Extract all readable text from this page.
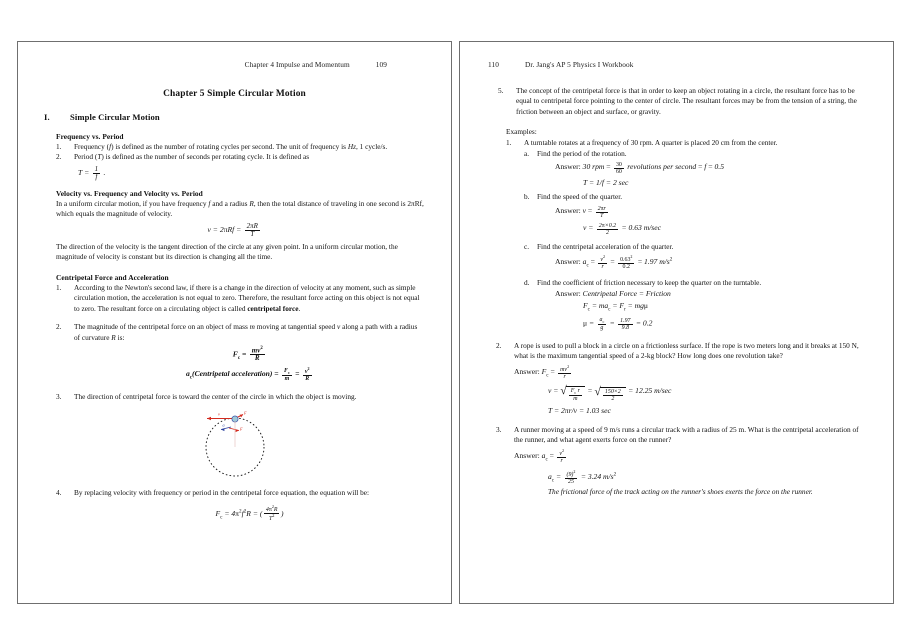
Chapter 4 Impulse and Momentum	109
Chapter 5 Simple Circular Motion
I. Simple Circular Motion
Frequency vs. Period
1.	Frequency (f) is defined as the number of rotating cycles per second. The unit of frequency is Hz, 1 cycle/s.
2.	Period (T) is defined as the number of seconds per rotating cycle. It is defined as
$T = \frac{1}{f}$ .
Velocity vs. Frequency and Velocity vs. Period
In a uniform circular motion, if you have frequency f and a radius R, then the total distance of traveling in one second is 2πRf, which equals the magnitude of velocity.
$v = 2\pi Rf = \frac{2\pi R}{T}$
The direction of the velocity is the tangent direction of the circle at any given point. In a uniform circular motion, the magnitude of velocity is constant but its direction is changing all the time.
Centripetal Force and Acceleration
1.	According to the Newton's second law, if there is a change in the direction of velocity at any moment, such as simple circulation motion, the acceleration is not equal to zero. Therefore, the resultant force acting on this object is not equal to zero. The resultant force on a circulating object is called centripetal force.
2.	The magnitude of the centripetal force on an object of mass m moving at tangential speed v along a path with a radius of curvature R is:
$F_c = \frac{mv^2}{R}$
$a_c(Centripetal$ acceleration) = $\frac{F_c}{m} = \frac{v^2}{R}$
3.	The direction of centripetal force is toward the center of the circle in which the object is moving.
v	F
a
F
4.	By replacing velocity with frequency or period in the centripetal force equation, the equation will be:
$F_c = 4\pi^2f^2R$ = ( $\frac{4\pi^2R}{T^2}$ )
110	Dr. Jang's AP 5 Physics I Workbook
5.	The concept of the centripetal force is that in order to keep an object rotating in a circle, the resultant force has to be equal to centripetal force pointing to the center of circle. The resultant forces may be from the tension of a string, the friction between an object and surface, or gravity.
Examples:
1.	A turntable rotates at a frequency of 30 rpm. A quarter is placed 20 cm from the center.
a.	Find the period of the rotation.
Answer: 30 rpm = $\frac{30}{60}$ revolutions per second = f = 0.5
T = 1/f = 2 sec
b.	Find the speed of the quarter.
Answer: $v = \frac{2\pi r}{T}$
$v = \frac{2\pi\times 0.2}{2} = 0.63$ m/sec
c.	Find the centripetal acceleration of the quarter.
Answer: $a_c = \frac{v^2}{r} = \frac{0.63^2}{0.2} = 1.97$ $m/s^2$
d.	Find the coefficient of friction necessary to keep the quarter on the turntable.
Answer: Centripetal Force = Friction
$F_c = ma_c = F_r = mg\mu$
$\mu = \frac{a_c}{g} = \frac{1.97}{9.8} = 0.2$
2.	A rope is used to pull a block in a circle on a frictionless surface. If the rope is two meters long and it breaks at 150 N, what is the maximum tangential speed of a 2-kg block? How long does one revolution take?
Answer: $F_c = \frac{mv^2}{r}$
v = √ $\frac{F_c r}{m}$ = √ $\frac{150\times 2}{2} = 12.25$ m/sec
T = 2πr/v = 1.03 sec
3.	A runner moving at a speed of 9 m/s runs a circular track with a radius of 25 m. What is the centripetal acceleration of the runner, and what agent exerts force on the runner?
Answer: $a_c = \frac{v^2}{r}$
$a_c = \frac{(9)^2}{25} = 3.24$ $m/s^2$
The frictional force of the track acting on the runner's shoes exerts the force on the runner.
